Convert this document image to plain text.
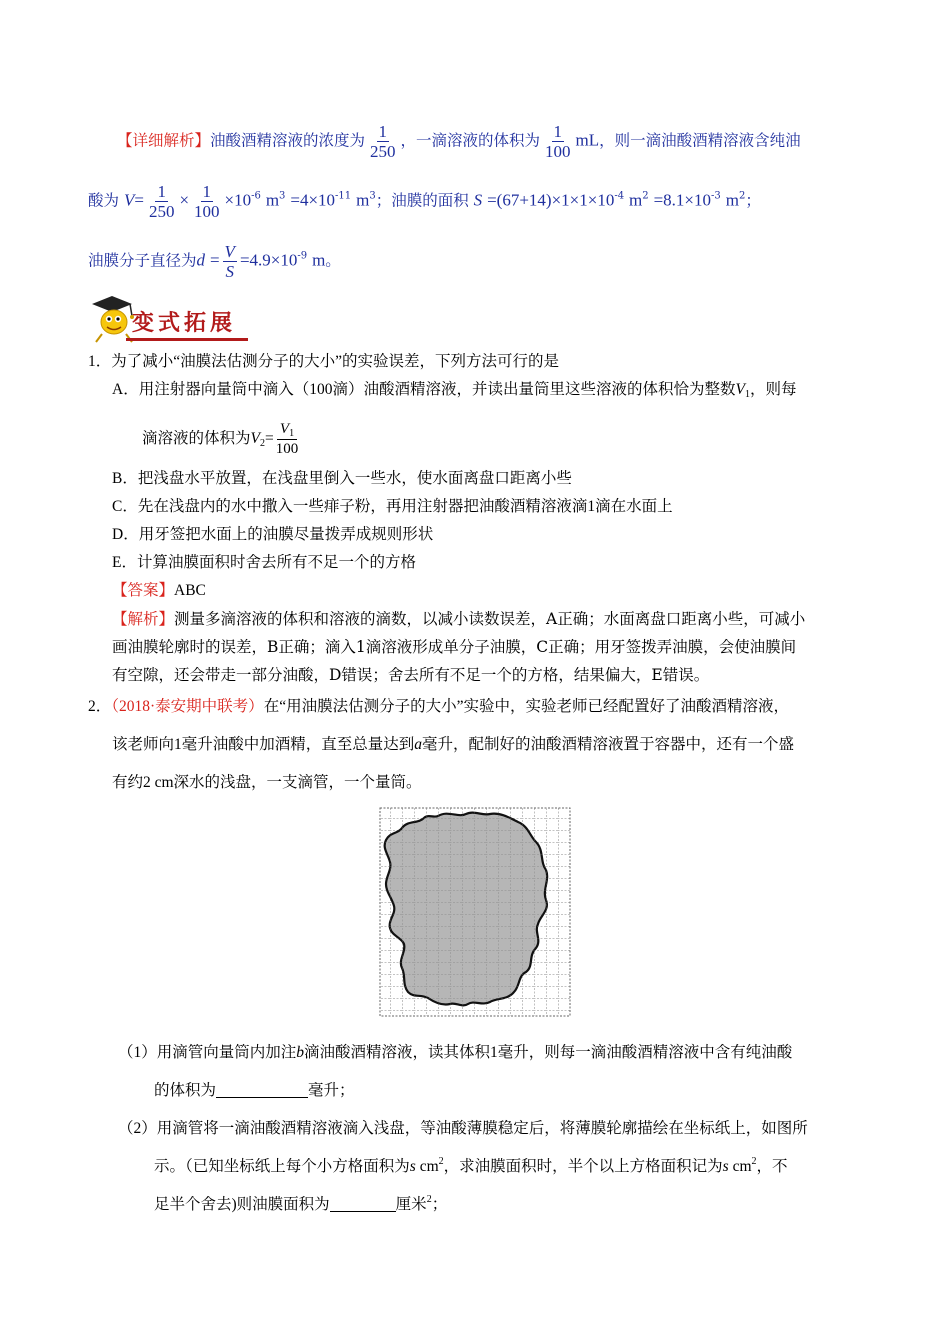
【详细解析】油酸酒精溶液的浓度为 $\frac{1}{250}$ ，一滴溶液的体积为 $\frac{1}{100}$ mL，则一滴油酸酒精溶液含纯油
酸为 $V= \frac{1}{250} \times \frac{1}{100} \times 10^{-6}$ $m^3 =4\times 10^{-11}$ $m^3$；油膜的面积 $S =(67+14)\times 1\times 1\times 10^{-4}$ $m^2 =8.1\times 10^{-3}$ $m^2$；
油膜分子直径为$d = \frac{V}{S} =4.9\times 10^{-9}$ m。
变式拓展
1．为了减小“油膜法估测分子的大小”的实验误差，下列方法可行的是
A．用注射器向量筒中滴入（100滴）油酸酒精溶液，并读出量筒里这些溶液的体积恰为整数$V_1$，则每
滴溶液的体积为$V_2= \frac{V_1}{100}$
B．把浅盘水平放置，在浅盘里倒入一些水，使水面离盘口距离小些
C．先在浅盘内的水中撒入一些痱子粉，再用注射器把油酸酒精溶液滴1滴在水面上
D．用牙签把水面上的油膜尽量拨弄成规则形状
E．计算油膜面积时舍去所有不足一个的方格
【答案】ABC
【解析】测量多滴溶液的体积和溶液的滴数，以减小读数误差，A正确；水面离盘口距离小些，可减小
画油膜轮廓时的误差，B正确；滴入1滴溶液形成单分子油膜，C正确；用牙签拨弄油膜，会使油膜间
有空隙，还会带走一部分油酸，D错误；舍去所有不足一个的方格，结果偏大，E错误。
2．（2018·泰安期中联考）在“用油膜法估测分子的大小”实验中，实验老师已经配置好了油酸酒精溶液，
该老师向1毫升油酸中加酒精，直至总量达到a毫升，配制好的油酸酒精溶液置于容器中，还有一个盛
有约2 cm深水的浅盘，一支滴管，一个量筒。
（1）用滴管向量筒内加注b滴油酸酒精溶液，读其体积1毫升，则每一滴油酸酒精溶液中含有纯油酸
的体积为	毫升；
（2）用滴管将一滴油酸酒精溶液滴入浅盘，等油酸薄膜稳定后，将薄膜轮廓描绘在坐标纸上，如图所
示。（已知坐标纸上每个小方格面积为s $cm^2$，求油膜面积时，半个以上方格面积记为s $cm^2$，不
足半个舍去)则油膜面积为	厘米$^2$；
